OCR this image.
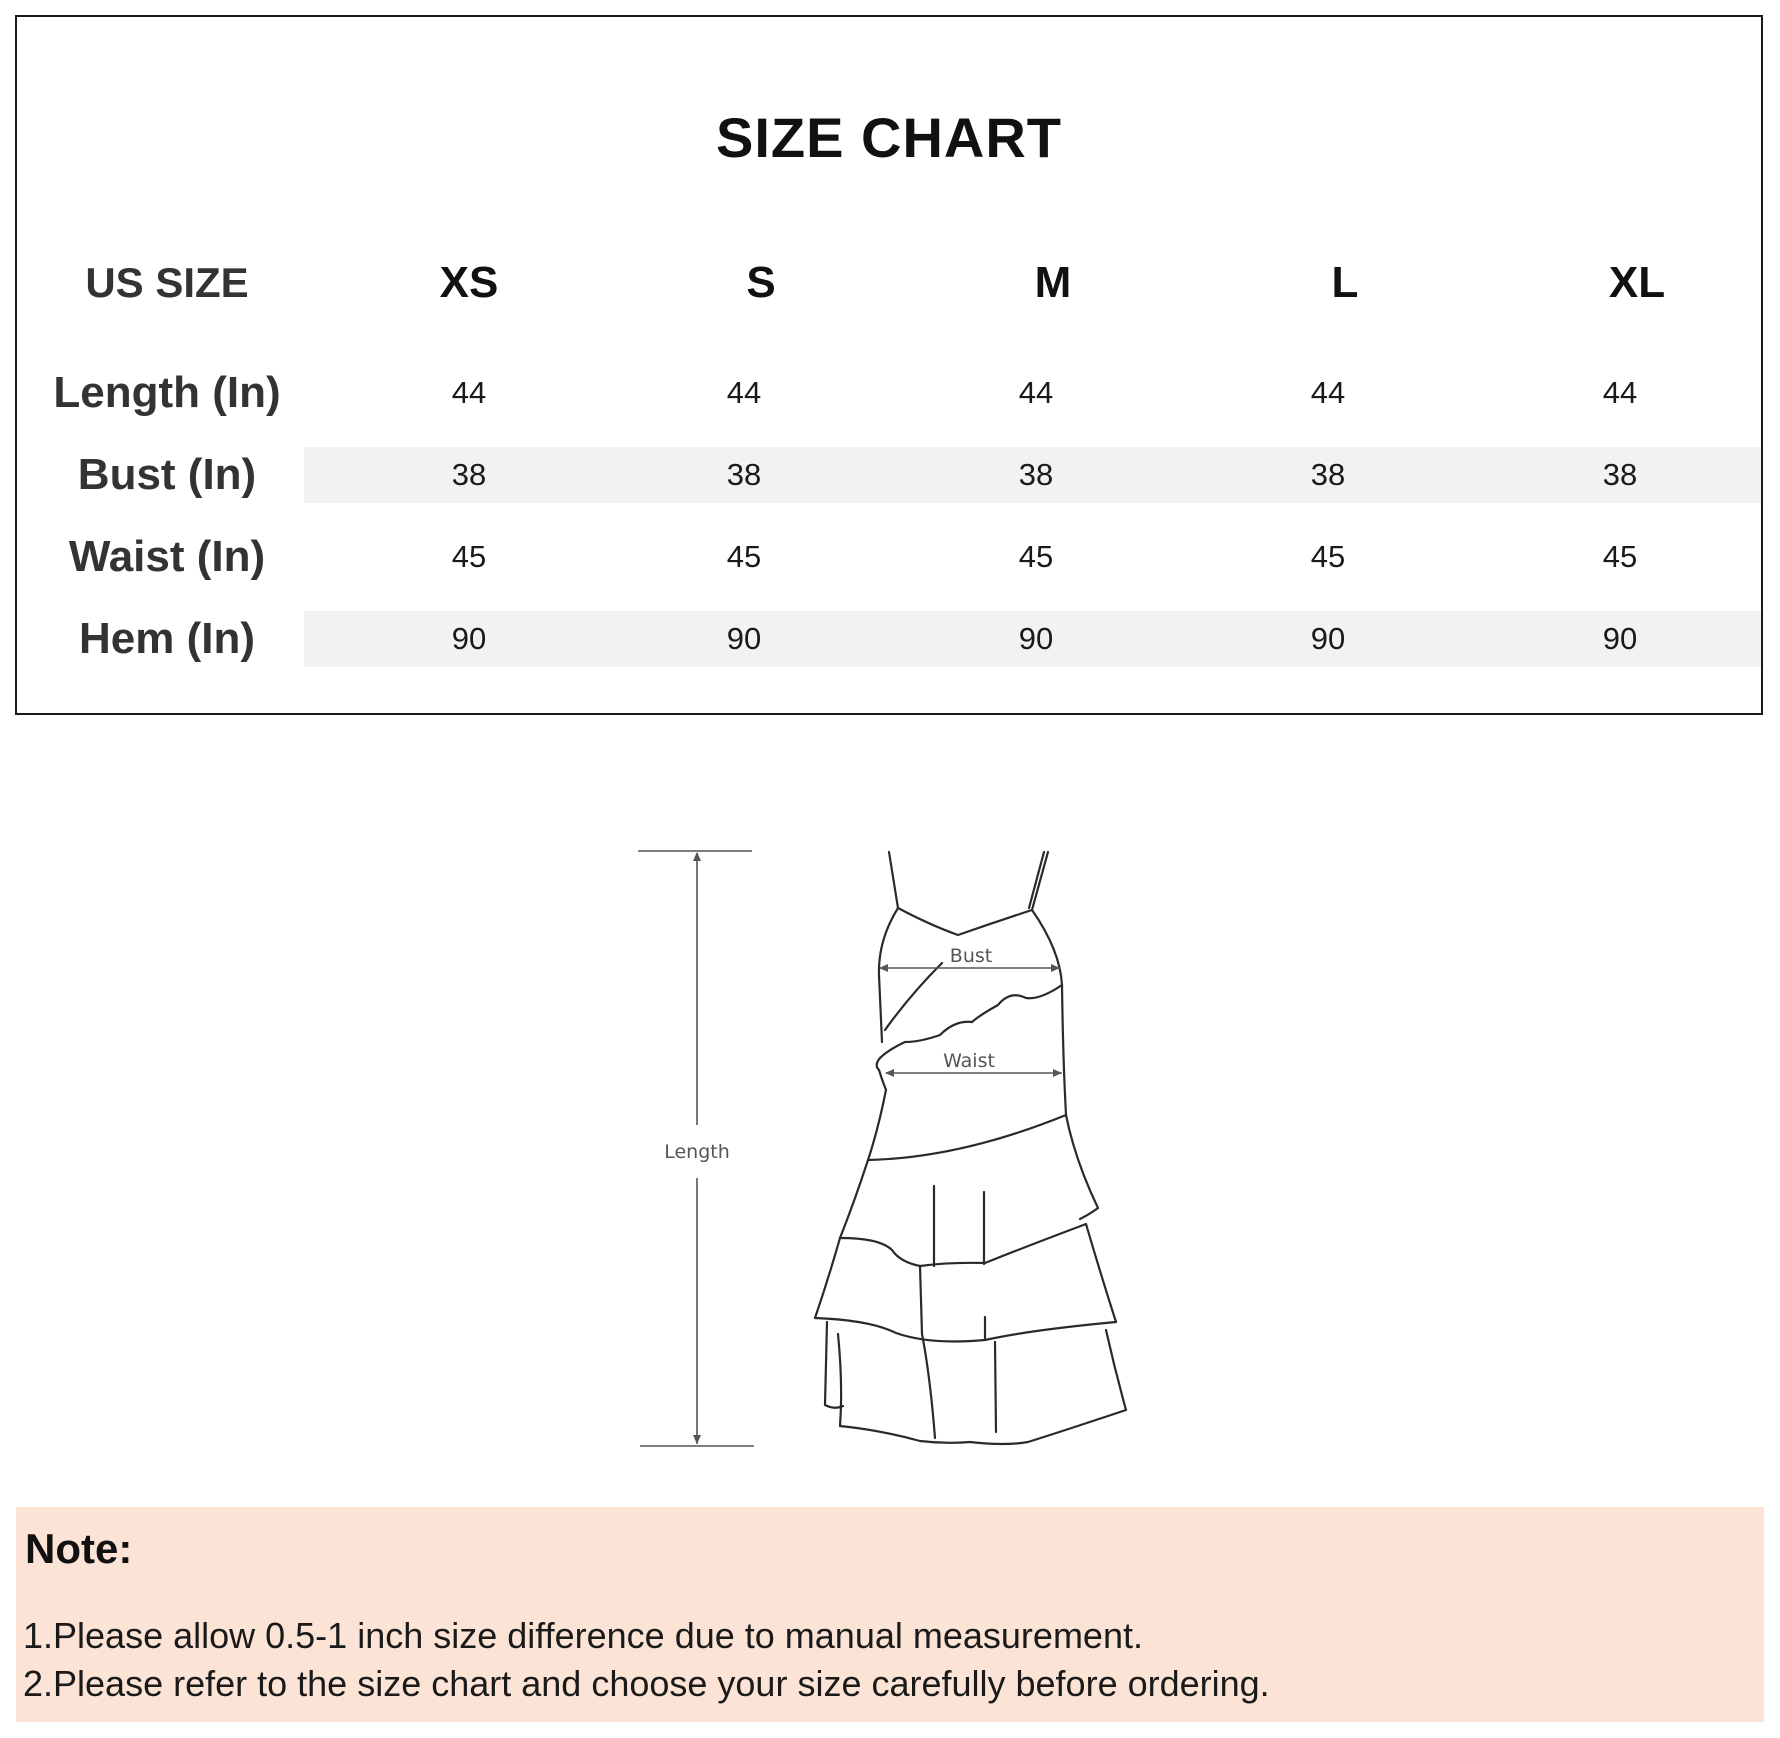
SIZE CHART
US SIZE	XS	S	M	L	XL
Length (In)	44	44	44	44	44
Bust (In)	38	38	38	38	38
Waist (In)	45	45	45	45	45
Hem (In)	90	90	90	90	90
Length
Bust
Waist
Note:
1.Please allow 0.5-1 inch size difference due to manual measurement.
2.Please refer to the size chart and choose your size carefully before ordering.
